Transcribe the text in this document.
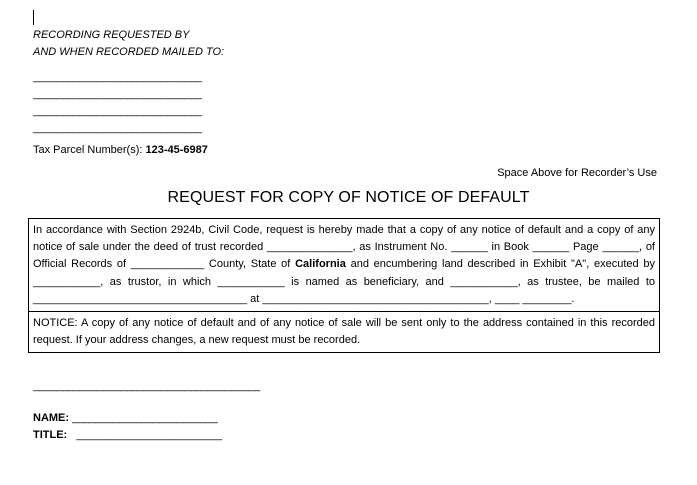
RECORDING REQUESTED BY
AND WHEN RECORDED MAILED TO:
_____________________________
_____________________________
_____________________________
_____________________________
Tax Parcel Number(s): 123-45-6987
Space Above for Recorder’s Use
REQUEST FOR COPY OF NOTICE OF DEFAULT
In accordance with Section 2924b, Civil Code, request is hereby made that a copy of any notice of default and a copy of any notice of sale under the deed of trust recorded ______________, as Instrument No. ______ in Book ______ Page ______, of Official Records of ____________ County, State of California and encumbering land described in Exhibit "A", executed by ___________, as trustor, in which ___________ is named as beneficiary, and ___________, as trustee, be mailed to ___________________________________ at _____________________________________, ____ ________.
NOTICE: A copy of any notice of default and of any notice of sale will be sent only to the address contained in this recorded request. If your address changes, a new request must be recorded.
_______________________________________
NAME: _________________________
TITLE: _________________________
